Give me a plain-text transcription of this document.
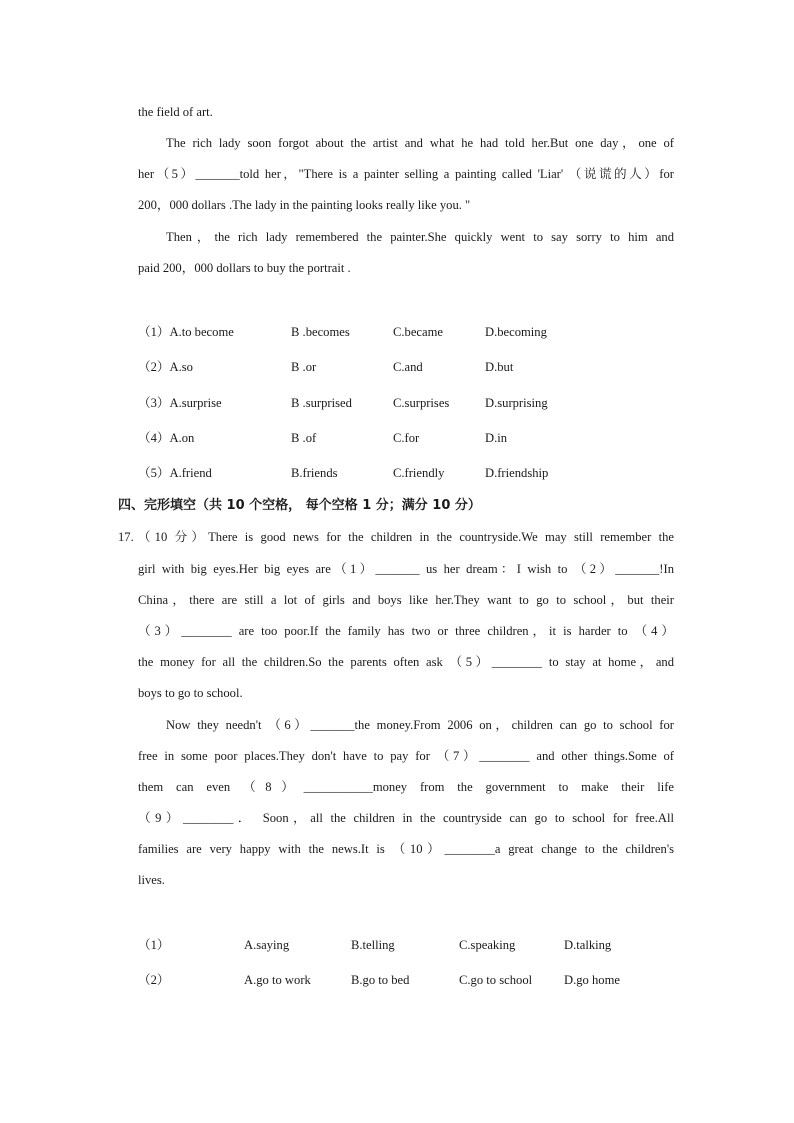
the field of art.
The rich lady soon forgot about the artist and what he had told her.But one day，one of
her（5）_______told her，"There is a painter selling a painting called 'Liar' （说谎的人）for
200，000 dollars .The lady in the painting looks really like you. "
Then，the rich lady remembered the painter.She quickly went to say sorry to him and
paid 200，000 dollars to buy the portrait .
（1）A.to become	B .becomes	C.became	D.becoming
（2）A.so	B .or	C.and	D.but
（3）A.surprise	B .surprised	C.surprises	D.surprising
（4）A.on	B .of	C.for	D.in
（5）A.friend	B.friends	C.friendly	D.friendship
四、完形填空（共 10 个空格， 每个空格 1 分；满分 10 分）
17.（10 分）There is good news for the children in the countryside.We may still remember the
girl with big eyes.Her big eyes are（1）_______ us her dream：I wish to （2）_______!In
China，there are still a lot of girls and boys like her.They want to go to school，but their
（3）________ are too poor.If the family has two or three children，it is harder to （4）
the money for all the children.So the parents often ask （5）________ to stay at home，and
boys to go to school.
Now they needn't （6）_______the money.From 2006 on，children can go to school for
free in some poor places.They don't have to pay for （7）________ and other things.Some of
them can even （8）___________money from the government to make their life
（9）________． Soon，all the children in the countryside can go to school for free.All
families are very happy with the news.It is （10）________a great change to the children's
lives.
（1）	A.saying	B.telling	C.speaking	D.talking
（2）	A.go to work	B.go to bed	C.go to school	D.go home
